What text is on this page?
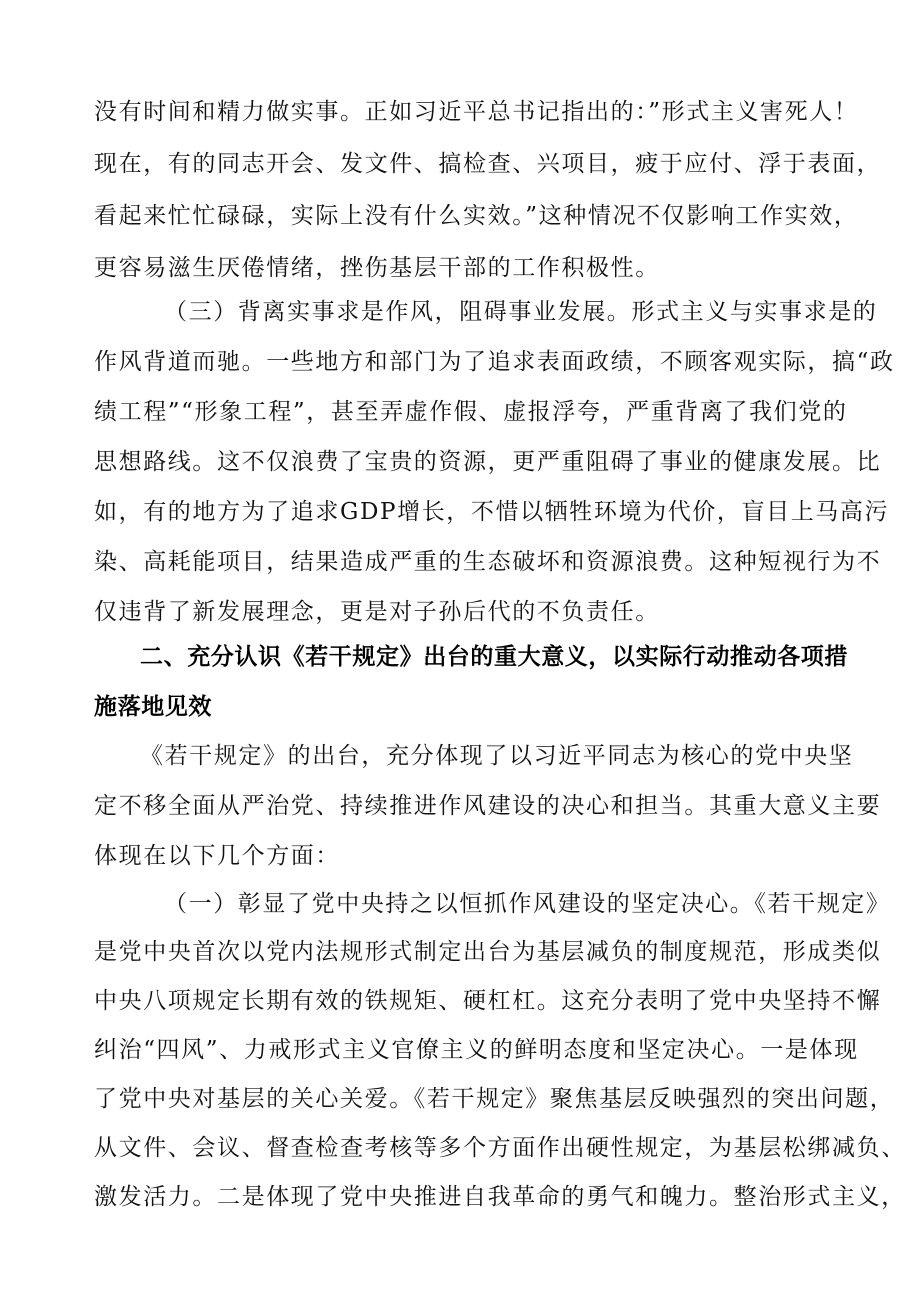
没有时间和精力做实事。正如习近平总书记指出的：”形式主义害死人！
现在，有的同志开会、发文件、搞检查、兴项目，疲于应付、浮于表面，
看起来忙忙碌碌，实际上没有什么实效。”这种情况不仅影响工作实效，
更容易滋生厌倦情绪，挫伤基层干部的工作积极性。
（三）背离实事求是作风，阻碍事业发展。形式主义与实事求是的
作风背道而驰。一些地方和部门为了追求表面政绩，不顾客观实际，搞“政
绩工程”“形象工程”，甚至弄虚作假、虚报浮夸，严重背离了我们党的
思想路线。这不仅浪费了宝贵的资源，更严重阻碍了事业的健康发展。比
如，有的地方为了追求GDP增长，不惜以牺牲环境为代价，盲目上马高污
染、高耗能项目，结果造成严重的生态破坏和资源浪费。这种短视行为不
仅违背了新发展理念，更是对子孙后代的不负责任。
二、充分认识《若干规定》出台的重大意义，以实际行动推动各项措
施落地见效
《若干规定》的出台，充分体现了以习近平同志为核心的党中央坚
定不移全面从严治党、持续推进作风建设的决心和担当。其重大意义主要
体现在以下几个方面：
（一）彰显了党中央持之以恒抓作风建设的坚定决心。《若干规定》
是党中央首次以党内法规形式制定出台为基层减负的制度规范，形成类似
中央八项规定长期有效的铁规矩、硬杠杠。这充分表明了党中央坚持不懈
纠治“四风”、力戒形式主义官僚主义的鲜明态度和坚定决心。一是体现
了党中央对基层的关心关爱。《若干规定》聚焦基层反映强烈的突出问题，
从文件、会议、督查检查考核等多个方面作出硬性规定，为基层松绑减负、
激发活力。二是体现了党中央推进自我革命的勇气和魄力。整治形式主义，
